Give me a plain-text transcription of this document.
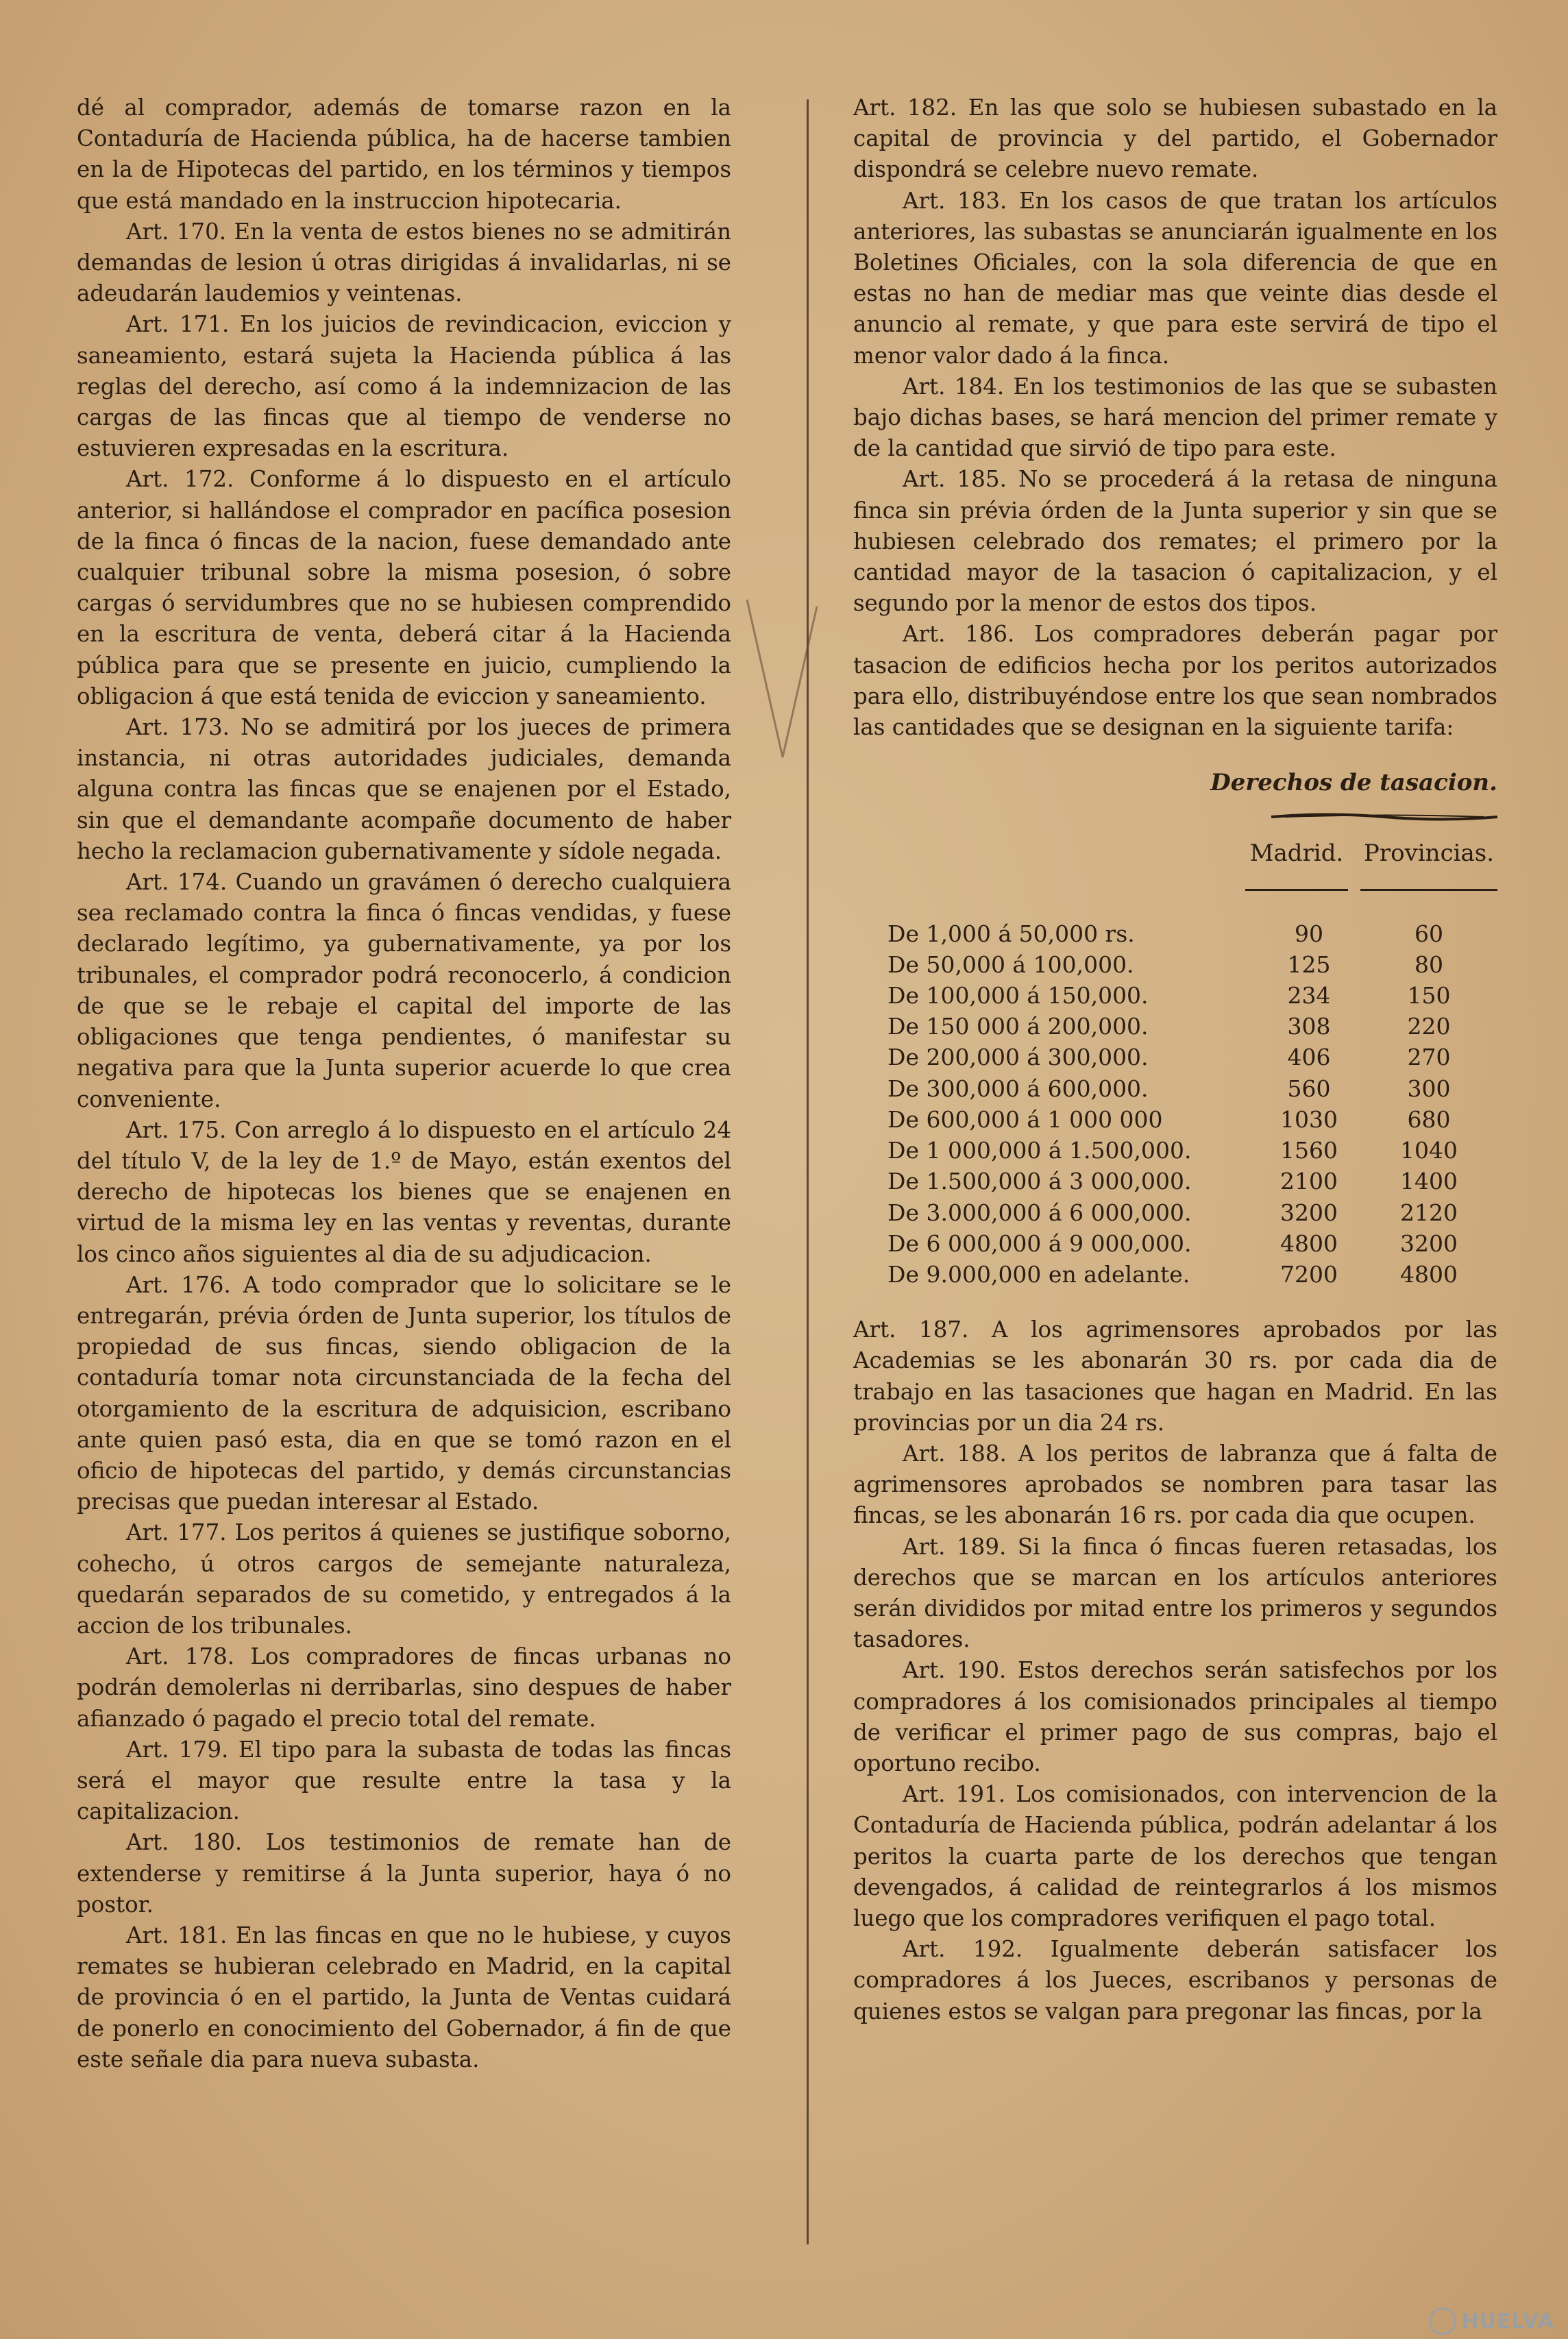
dé al comprador, además de tomarse razon en la Contaduría de Hacienda pública, ha de hacerse tambien en la de Hipotecas del partido, en los términos y tiempos que está mandado en la instruccion hipotecaria.

Art. 170. En la venta de estos bienes no se admitirán demandas de lesion ú otras dirigidas á invalidarlas, ni se adeudarán laudemios y veintenas.

Art. 171. En los juicios de revindicacion, eviccion y saneamiento, estará sujeta la Hacienda pública á las reglas del derecho, así como á la indemnizacion de las cargas de las fincas que al tiempo de venderse no estuvieren expresadas en la escritura.

Art. 172. Conforme á lo dispuesto en el artículo anterior, si hallándose el comprador en pacífica posesion de la finca ó fincas de la nacion, fuese demandado ante cualquier tribunal sobre la misma posesion, ó sobre cargas ó servidumbres que no se hubiesen comprendido en la escritura de venta, deberá citar á la Hacienda pública para que se presente en juicio, cumpliendo la obligacion á que está tenida de eviccion y saneamiento.

Art. 173. No se admitirá por los jueces de primera instancia, ni otras autoridades judiciales, demanda alguna contra las fincas que se enajenen por el Estado, sin que el demandante acompañe documento de haber hecho la reclamacion gubernativamente y sídole negada.

Art. 174. Cuando un gravámen ó derecho cualquiera sea reclamado contra la finca ó fincas vendidas, y fuese declarado legítimo, ya gubernativamente, ya por los tribunales, el comprador podrá reconocerlo, á condicion de que se le rebaje el capital del importe de las obligaciones que tenga pendientes, ó manifestar su negativa para que la Junta superior acuerde lo que crea conveniente.

Art. 175. Con arreglo á lo dispuesto en el artículo 24 del título V, de la ley de 1.º de Mayo, están exentos del derecho de hipotecas los bienes que se enajenen en virtud de la misma ley en las ventas y reventas, durante los cinco años siguientes al dia de su adjudicacion.

Art. 176. A todo comprador que lo solicitare se le entregarán, prévia órden de Junta superior, los títulos de propiedad de sus fincas, siendo obligacion de la contaduría tomar nota circunstanciada de la fecha del otorgamiento de la escritura de adquisicion, escribano ante quien pasó esta, dia en que se tomó razon en el oficio de hipotecas del partido, y demás circunstancias precisas que puedan interesar al Estado.

Art. 177. Los peritos á quienes se justifique soborno, cohecho, ú otros cargos de semejante naturaleza, quedarán separados de su cometido, y entregados á la accion de los tribunales.

Art. 178. Los compradores de fincas urbanas no podrán demolerlas ni derribarlas, sino despues de haber afianzado ó pagado el precio total del remate.

Art. 179. El tipo para la subasta de todas las fincas será el mayor que resulte entre la tasa y la capitalizacion.

Art. 180. Los testimonios de remate han de extenderse y remitirse á la Junta superior, haya ó no postor.

Art. 181. En las fincas en que no le hubiese, y cuyos remates se hubieran celebrado en Madrid, en la capital de provincia ó en el partido, la Junta de Ventas cuidará de ponerlo en conocimiento del Gobernador, á fin de que este señale dia para nueva subasta.

Art. 182. En las que solo se hubiesen subastado en la capital de provincia y del partido, el Gobernador dispondrá se celebre nuevo remate.

Art. 183. En los casos de que tratan los artículos anteriores, las subastas se anunciarán igualmente en los Boletines Oficiales, con la sola diferencia de que en estas no han de mediar mas que veinte dias desde el anuncio al remate, y que para este servirá de tipo el menor valor dado á la finca.

Art. 184. En los testimonios de las que se subasten bajo dichas bases, se hará mencion del primer remate y de la cantidad que sirvió de tipo para este.

Art. 185. No se procederá á la retasa de ninguna finca sin prévia órden de la Junta superior y sin que se hubiesen celebrado dos remates; el primero por la cantidad mayor de la tasacion ó capitalizacion, y el segundo por la menor de estos dos tipos.

Art. 186. Los compradores deberán pagar por tasacion de edificios hecha por los peritos autorizados para ello, distribuyéndose entre los que sean nombrados las cantidades que se designan en la siguiente tarifa:

Derechos de tasacion.
Madrid. Provincias.
De 1,000 á 50,000 rs.	90	60
De 50,000 á 100,000.	125	80
De 100,000 á 150,000.	234	150
De 150 000 á 200,000.	308	220
De 200,000 á 300,000.	406	270
De 300,000 á 600,000.	560	300
De 600,000 á 1 000 000	1030	680
De 1 000,000 á 1.500,000.	1560	1040
De 1.500,000 á 3 000,000.	2100	1400
De 3.000,000 á 6 000,000.	3200	2120
De 6 000,000 á 9 000,000.	4800	3200
De 9.000,000 en adelante.	7200	4800

Art. 187. A los agrimensores aprobados por las Academias se les abonarán 30 rs. por cada dia de trabajo en las tasaciones que hagan en Madrid. En las provincias por un dia 24 rs.

Art. 188. A los peritos de labranza que á falta de agrimensores aprobados se nombren para tasar las fincas, se les abonarán 16 rs. por cada dia que ocupen.

Art. 189. Si la finca ó fincas fueren retasadas, los derechos que se marcan en los artículos anteriores serán divididos por mitad entre los primeros y segundos tasadores.

Art. 190. Estos derechos serán satisfechos por los compradores á los comisionados principales al tiempo de verificar el primer pago de sus compras, bajo el oportuno recibo.

Art. 191. Los comisionados, con intervencion de la Contaduría de Hacienda pública, podrán adelantar á los peritos la cuarta parte de los derechos que tengan devengados, á calidad de reintegrarlos á los mismos luego que los compradores verifiquen el pago total.

Art. 192. Igualmente deberán satisfacer los compradores á los Jueces, escribanos y personas de quienes estos se valgan para pregonar las fincas, por la

HUELVA
